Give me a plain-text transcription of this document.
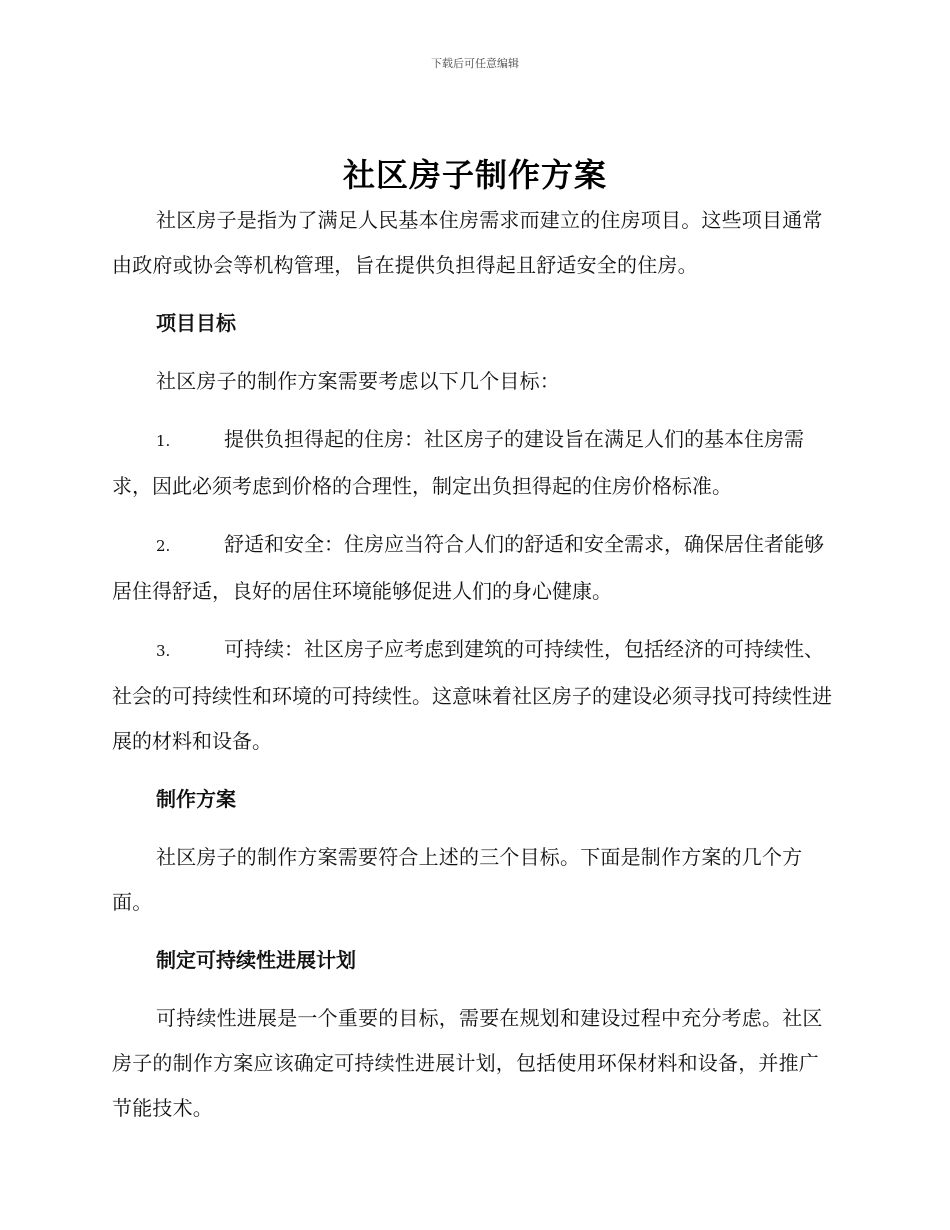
下载后可任意编辑
社区房子制作方案

社区房子是指为了满足人民基本住房需求而建立的住房项目。这些项目通常由政府或协会等机构管理，旨在提供负担得起且舒适安全的住房。

项目目标

社区房子的制作方案需要考虑以下几个目标：

1.	提供负担得起的住房：社区房子的建设旨在满足人们的基本住房需求，因此必须考虑到价格的合理性，制定出负担得起的住房价格标准。

2.	舒适和安全：住房应当符合人们的舒适和安全需求，确保居住者能够居住得舒适，良好的居住环境能够促进人们的身心健康。

3.	可持续：社区房子应考虑到建筑的可持续性，包括经济的可持续性、社会的可持续性和环境的可持续性。这意味着社区房子的建设必须寻找可持续性进展的材料和设备。

制作方案

社区房子的制作方案需要符合上述的三个目标。下面是制作方案的几个方面。

制定可持续性进展计划

可持续性进展是一个重要的目标，需要在规划和建设过程中充分考虑。社区房子的制作方案应该确定可持续性进展计划，包括使用环保材料和设备，并推广节能技术。
